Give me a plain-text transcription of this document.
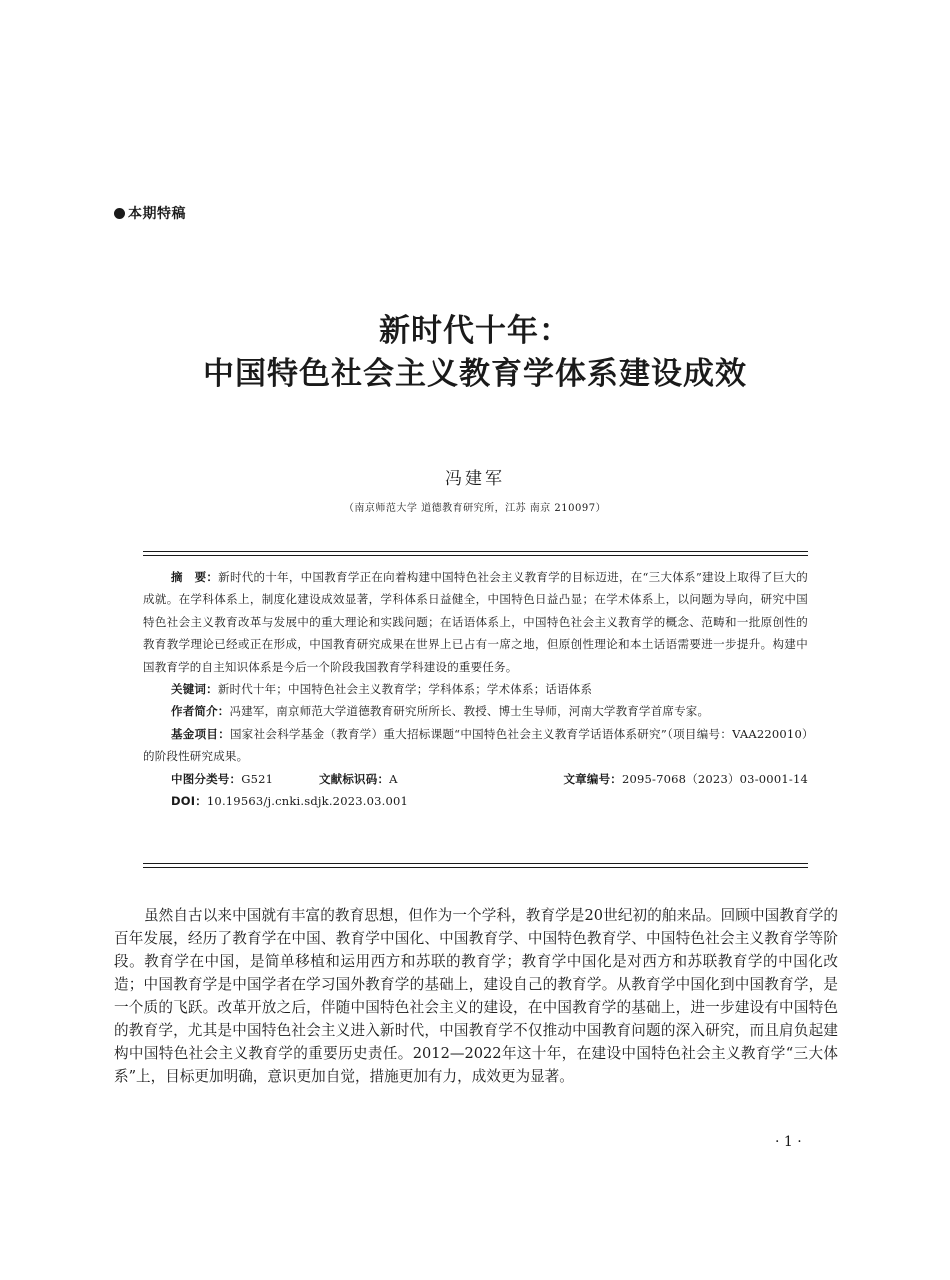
本期特稿
新时代十年：
中国特色社会主义教育学体系建设成效
冯建军
（南京师范大学 道德教育研究所，江苏 南京 210097）

摘　要：新时代的十年，中国教育学正在向着构建中国特色社会主义教育学的目标迈进，在“三大体系”建设上取得了巨大的成就。在学科体系上，制度化建设成效显著，学科体系日益健全，中国特色日益凸显；在学术体系上，以问题为导向，研究中国特色社会主义教育改革与发展中的重大理论和实践问题；在话语体系上，中国特色社会主义教育学的概念、范畴和一批原创性的教育教学理论已经或正在形成，中国教育研究成果在世界上已占有一席之地，但原创性理论和本土话语需要进一步提升。构建中国教育学的自主知识体系是今后一个阶段我国教育学科建设的重要任务。

关键词：新时代十年；中国特色社会主义教育学；学科体系；学术体系；话语体系

作者简介：冯建军，南京师范大学道德教育研究所所长、教授、博士生导师，河南大学教育学首席专家。

基金项目：国家社会科学基金（教育学）重大招标课题“中国特色社会主义教育学话语体系研究”（项目编号：VAA220010）的阶段性研究成果。

中图分类号：G521	文献标识码：A	文章编号：2095-7068（2023）03-0001-14

DOI：10.19563/j.cnki.sdjk.2023.03.001

虽然自古以来中国就有丰富的教育思想，但作为一个学科，教育学是20世纪初的舶来品。回顾中国教育学的百年发展，经历了教育学在中国、教育学中国化、中国教育学、中国特色教育学、中国特色社会主义教育学等阶段。教育学在中国，是简单移植和运用西方和苏联的教育学；教育学中国化是对西方和苏联教育学的中国化改造；中国教育学是中国学者在学习国外教育学的基础上，建设自己的教育学。从教育学中国化到中国教育学，是一个质的飞跃。改革开放之后，伴随中国特色社会主义的建设，在中国教育学的基础上，进一步建设有中国特色的教育学，尤其是中国特色社会主义进入新时代，中国教育学不仅推动中国教育问题的深入研究，而且肩负起建构中国特色社会主义教育学的重要历史责任。2012—2022年这十年，在建设中国特色社会主义教育学“三大体系”上，目标更加明确，意识更加自觉，措施更加有力，成效更为显著。

· 1 ·
